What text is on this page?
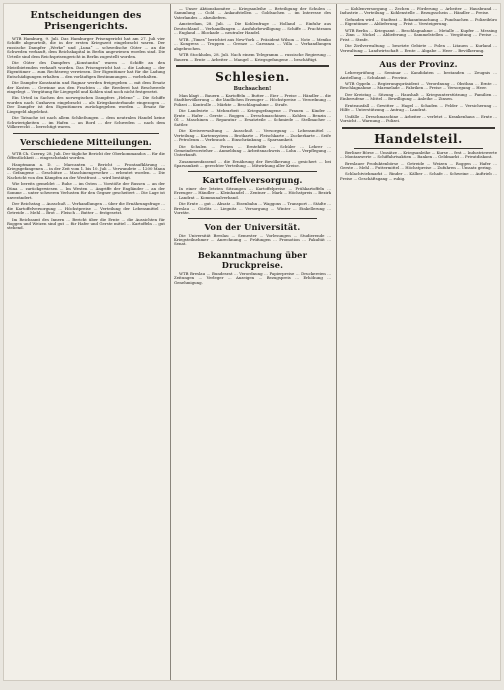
Entscheidungen des Prisengerichts.

WTB Hamburg, 9. Juli. Das Hamburger Prisengericht hat am 27. Juli vier Schiffe abgeurteilt, die in der ersten Kriegszeit eingebracht waren. Der russische Dampfer „Werke“ und „Luna“ ... schwedische Güter ... an die Schweden verkauft, dem Reichskapital in Berlin angewiesen worden sind. Die Urteile sind dem Reichsprisengericht in Berlin zugestellt worden.

Die Güter des Dampfers „Konstantin“ waren ... Schiffe an den Meistbietenden verkauft worden. Das Prisengericht hat ... die Ladung ... der Eigentümer ... zum Rechtsweg verwiesen. Der Eigentümer hat für die Ladung Entschädigungen erhalten ... den vorläufigen Bestimmungen ... vorbehalten.

Die Dampfer Konstantin und Ragnar werden freigegeben ... mit dem Ersatz der Kosten ... Gewinne aus den Frachten ... die Reederei hat Beschwerde eingelegt ... Vergütung für Liegegeld und Kohlen sind noch nicht festgesetzt.

Ein Urteil in Sachen des norwegischen Dampfers „Helene“ ... Die Schiffe wurden nach Cuxhaven eingebracht ... als Kriegskonterbande eingezogen ... Der Dampfer ist den Eigentümern zurückgegeben worden ... Ersatz für Liegegeld abgelehnt.

Die Tatsache ist nach allem Schließungen ... dem neutralen Handel keine Schwierigkeiten ... im Hafen ... an Bord ... der Schweden ... nach dem Völkerrecht ... berechtigt waren.

Verschiedene Mitteilungen.

WTB Ch. Czerny, 28. Juli. Der tägliche Bericht der Oberkommandos ... für die Öffentlichkeit ... eingeschränkt worden.

Hauptmann a. D. ... Marcanten ... Bericht ... Frontaufklärung ... Kriegsgefangenen ... in der Zeit vom 1. bis 10. Juli ... Verwundete ... 1200 Mann ... Gefangene ... Geschütze ... Maschinengewehre ... erbeutet worden. ... Die Nachricht von den Kämpfen an der Westfront ... wird bestätigt.

Wie bereits gemeldet ... Ruhe ... im Osten ... Vorstöße der Russen ... an der Düna ... zurückgewiesen ... Im Westen ... Angriffe der Engländer ... an der Somme ... unter schweren Verlusten für den Gegner gescheitert ... Die Lage ist unverändert.

Der Reichstag ... Ausschuß ... Verhandlungen ... über die Ernährungsfrage ... die Kartoffelversorgung ... Höchstpreise ... Verteilung der Lebensmittel ... Getreide ... Mehl ... Brot ... Fleisch ... Butter ... festgesetzt.

Im Reichsamt des Innern ... Bericht über die Ernte ... die Aussichten für Roggen und Weizen sind gut ... für Hafer und Gerste mittel ... Kartoffeln ... gut stehend.

— Unser Aktionskomitee ... Kriegsanleihe ... Beteiligung der Schulen ... Sammlung ... Gold ... Ankaufstellen ... Goldsachen ... im Interesse des Vaterlandes ... abzuliefern.

Amsterdam, 28. Juli. ... Die Kohlenfrage ... Holland ... Einfuhr aus Deutschland ... Verhandlungen ... Ausfuhrbewilligung ... Schiffe ... Frachtraum ... England ... Blockade ... neutraler Handel.

WTB. „Times“ berichtet aus New-York ... Präsident Wilson ... Note ... Mexiko ... Kongress ... Truppen ... Grenze ... Carranza ... Villa ... Verhandlungen abgebrochen.

WTB Stockholm, 28. Juli. Nach einem Telegramm ... russische Regierung ... Bauern ... Ernte ... Arbeiter ... Mangel ... Kriegsgefangene ... beschäftigt.

Schlesien.
Buchsachen!

Man klagt ... Bauern ... Kartoffeln ... Butter ... Eier ... Preise ... Händler ... die Stadtbevölkerung ... die ländlichen Erzeuger ... Höchstpreise ... Verordnung ... Polizei ... Kontrolle ... Märkte ... Beschlagnahme ... Strafe.

Die Landwirte ... Mehrarbeit ... Kriegsgefangene ... Frauen ... Kinder ... Ernte ... Hafer ... Gerste ... Roggen ... Dreschmaschinen ... Kohlen ... Benzin ... Öl ... Maschinen ... Reparatur ... Ersatzteile ... Schmiede ... Stellmacher ... Sattler.

Die Kreisverwaltung ... Ausschuß ... Versorgung ... Lebensmittel ... Verteilung ... Kartensystem ... Brotkarte ... Fleischkarte ... Zuckerkarte ... Seife ... Petroleum ... Verbrauch ... Einschränkung ... Sparsamkeit.

Die Schulen ... Ferien ... Erntehilfe ... Schüler ... Lehrer ... Gemeindevorsteher ... Anmeldung ... Arbeitsnachweis ... Lohn ... Verpflegung ... Unterkunft.

Zusammenfassend ... die Ernährung der Bevölkerung ... gesichert ... bei Sparsamkeit ... gerechter Verteilung ... Mitwirkung aller Kreise.

Kartoffelversorgung.

In einer der letzten Sitzungen ... Kartoffelpreise ... Frühkartoffeln ... Erzeuger ... Händler ... Kleinhandel ... Zentner ... Mark ... Höchstpreis ... Bezirk ... Landrat ... Kommunalverband.

Die Ernte ... gut ... Absatz ... Eisenbahn ... Waggons ... Transport ... Städte ... Breslau ... Görlitz ... Liegnitz ... Versorgung ... Winter ... Einkellerung ... Vorräte.

Von der Universität.

Die Universität Breslau ... Semester ... Vorlesungen ... Studierende ... Kriegsteilnehmer ... Anrechnung ... Prüfungen ... Promotion ... Fakultät ... Senat.

Bekanntmachung über Druckpreise.

WTB Breslau ... Bundesrat ... Verordnung ... Papierpreise ... Druckereien ... Zeitungen ... Verleger ... Anzeigen ... Bezugspreis ... Erhöhung ... Genehmigung.

— Kohlenversorgung ... Zechen ... Förderung ... Arbeiter ... Hausbrand ... Industrie ... Verteilung ... Kohlenstelle ... Bezugsschein ... Händler ... Preise.

Gefunden wird ... Stadtrat ... Bekanntmachung ... Fundsachen ... Polizeibüro ... Eigentümer ... Ablieferung ... Frist ... Versteigerung.

WTB Berlin ... Kriegsamt ... Beschlagnahme ... Metalle ... Kupfer ... Messing ... Zinn ... Nickel ... Ablieferung ... Sammelstellen ... Vergütung ... Preise ... Frist ... Strafe.

Die Zivilverwaltung ... besetzte Gebiete ... Polen ... Litauen ... Kurland ... Verwaltung ... Landwirtschaft ... Ernte ... Abgabe ... Heer ... Bevölkerung.

Aus der Provinz.

Lehrerprüfung ... Seminar ... Kandidaten ... bestanden ... Zeugnis ... Anstellung ... Schulamt ... Provinz.

WTB Oppeln ... Regierungspräsident ... Verordnung ... Obstbau ... Ernte ... Beschlagnahme ... Marmelade ... Fabriken ... Preise ... Versorgung ... Heer.

Der Kreistag ... Sitzung ... Haushalt ... Kriegsunterstützung ... Familien ... Einberufene ... Mittel ... Bewilligung ... Anleihe ... Zinsen.

Ernteausfall ... Gewitter ... Hagel ... Schaden ... Felder ... Versicherung ... Hilfe ... Unterstützung ... Antrag ... Landrat.

Unfälle ... Dreschmaschine ... Arbeiter ... verletzt ... Krankenhaus ... Ernte ... Vorsicht ... Warnung ... Polizei.

Handelsteil.

Berliner Börse ... Umsätze ... Kriegsanleihe ... Kurse ... fest ... Industriewerte ... Montanwerte ... Schiffahrtsaktien ... Banken ... Geldmarkt ... Privatdiskont.

Breslauer Produktenbörse ... Getreide ... Weizen ... Roggen ... Hafer ... Gerste ... Mehl ... Futtermittel ... Höchstpreise ... Zufuhren ... Umsatz gering.

Schlachtviehmarkt ... Rinder ... Kälber ... Schafe ... Schweine ... Auftrieb ... Preise ... Geschäftsgang ... ruhig.
